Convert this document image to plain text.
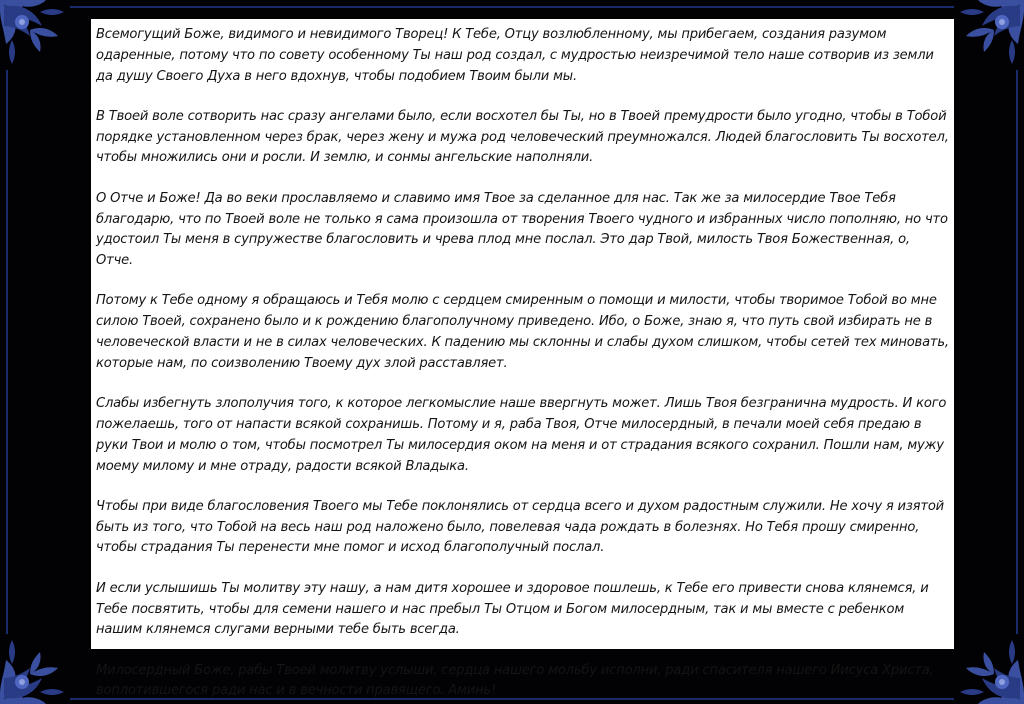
Всемогущий Боже, видимого и невидимого Творец! К Тебе, Отцу возлюбленному, мы прибегаем, создания разумом одаренные, потому что по совету особенному Ты наш род создал, с мудростью неизречимой тело наше сотворив из земли да душу Своего Духа в него вдохнув, чтобы подобием Твоим были мы.

В Твоей воле сотворить нас сразу ангелами было, если восхотел бы Ты, но в Твоей премудрости было угодно, чтобы в Тобой порядке установленном через брак, через жену и мужа род человеческий преумножался. Людей благословить Ты восхотел, чтобы множились они и росли. И землю, и сонмы ангельские наполняли.

О Отче и Боже! Да во веки прославляемо и славимо имя Твое за сделанное для нас. Так же за милосердие Твое Тебя благодарю, что по Твоей воле не только я сама произошла от творения Твоего чудного и избранных число пополняю, но что удостоил Ты меня в супружестве благословить и чрева плод мне послал. Это дар Твой, милость Твоя Божественная, о, Отче.

Потому к Тебе одному я обращаюсь и Тебя молю с сердцем смиренным о помощи и милости, чтобы творимое Тобой во мне силою Твоей, сохранено было и к рождению благополучному приведено. Ибо, о Боже, знаю я, что путь свой избирать не в человеческой власти и не в силах человеческих. К падению мы склонны и слабы духом слишком, чтобы сетей тех миновать, которые нам, по соизволению Твоему дух злой расставляет.

Слабы избегнуть злополучия того, к которое легкомыслие наше ввергнуть может. Лишь Твоя безгранична мудрость. И кого пожелаешь, того от напасти всякой сохранишь. Потому и я, раба Твоя, Отче милосердный, в печали моей себя предаю в руки Твои и молю о том, чтобы посмотрел Ты милосердия оком на меня и от страдания всякого сохранил. Пошли нам, мужу моему милому и мне отраду, радости всякой Владыка.

Чтобы при виде благословения Твоего мы Тебе поклонялись от сердца всего и духом радостным служили. Не хочу я изятой быть из того, что Тобой на весь наш род наложено было, повелевая чада рождать в болезнях. Но Тебя прошу смиренно, чтобы страдания Ты перенести мне помог и исход благополучный послал.

И если услышишь Ты молитву эту нашу, а нам дитя хорошее и здоровое пошлешь, к Тебе его привести снова клянемся, и Тебе посвятить, чтобы для семени нашего и нас пребыл Ты Отцом и Богом милосердным, так и мы вместе с ребенком нашим клянемся слугами верными тебе быть всегда.

Милосердный Боже, рабы Твоей молитву услыши, сердца нашего мольбу исполни, ради спасителя нашего Иисуса Христа, воплотившегося ради нас и в вечности правящего. Аминь!
